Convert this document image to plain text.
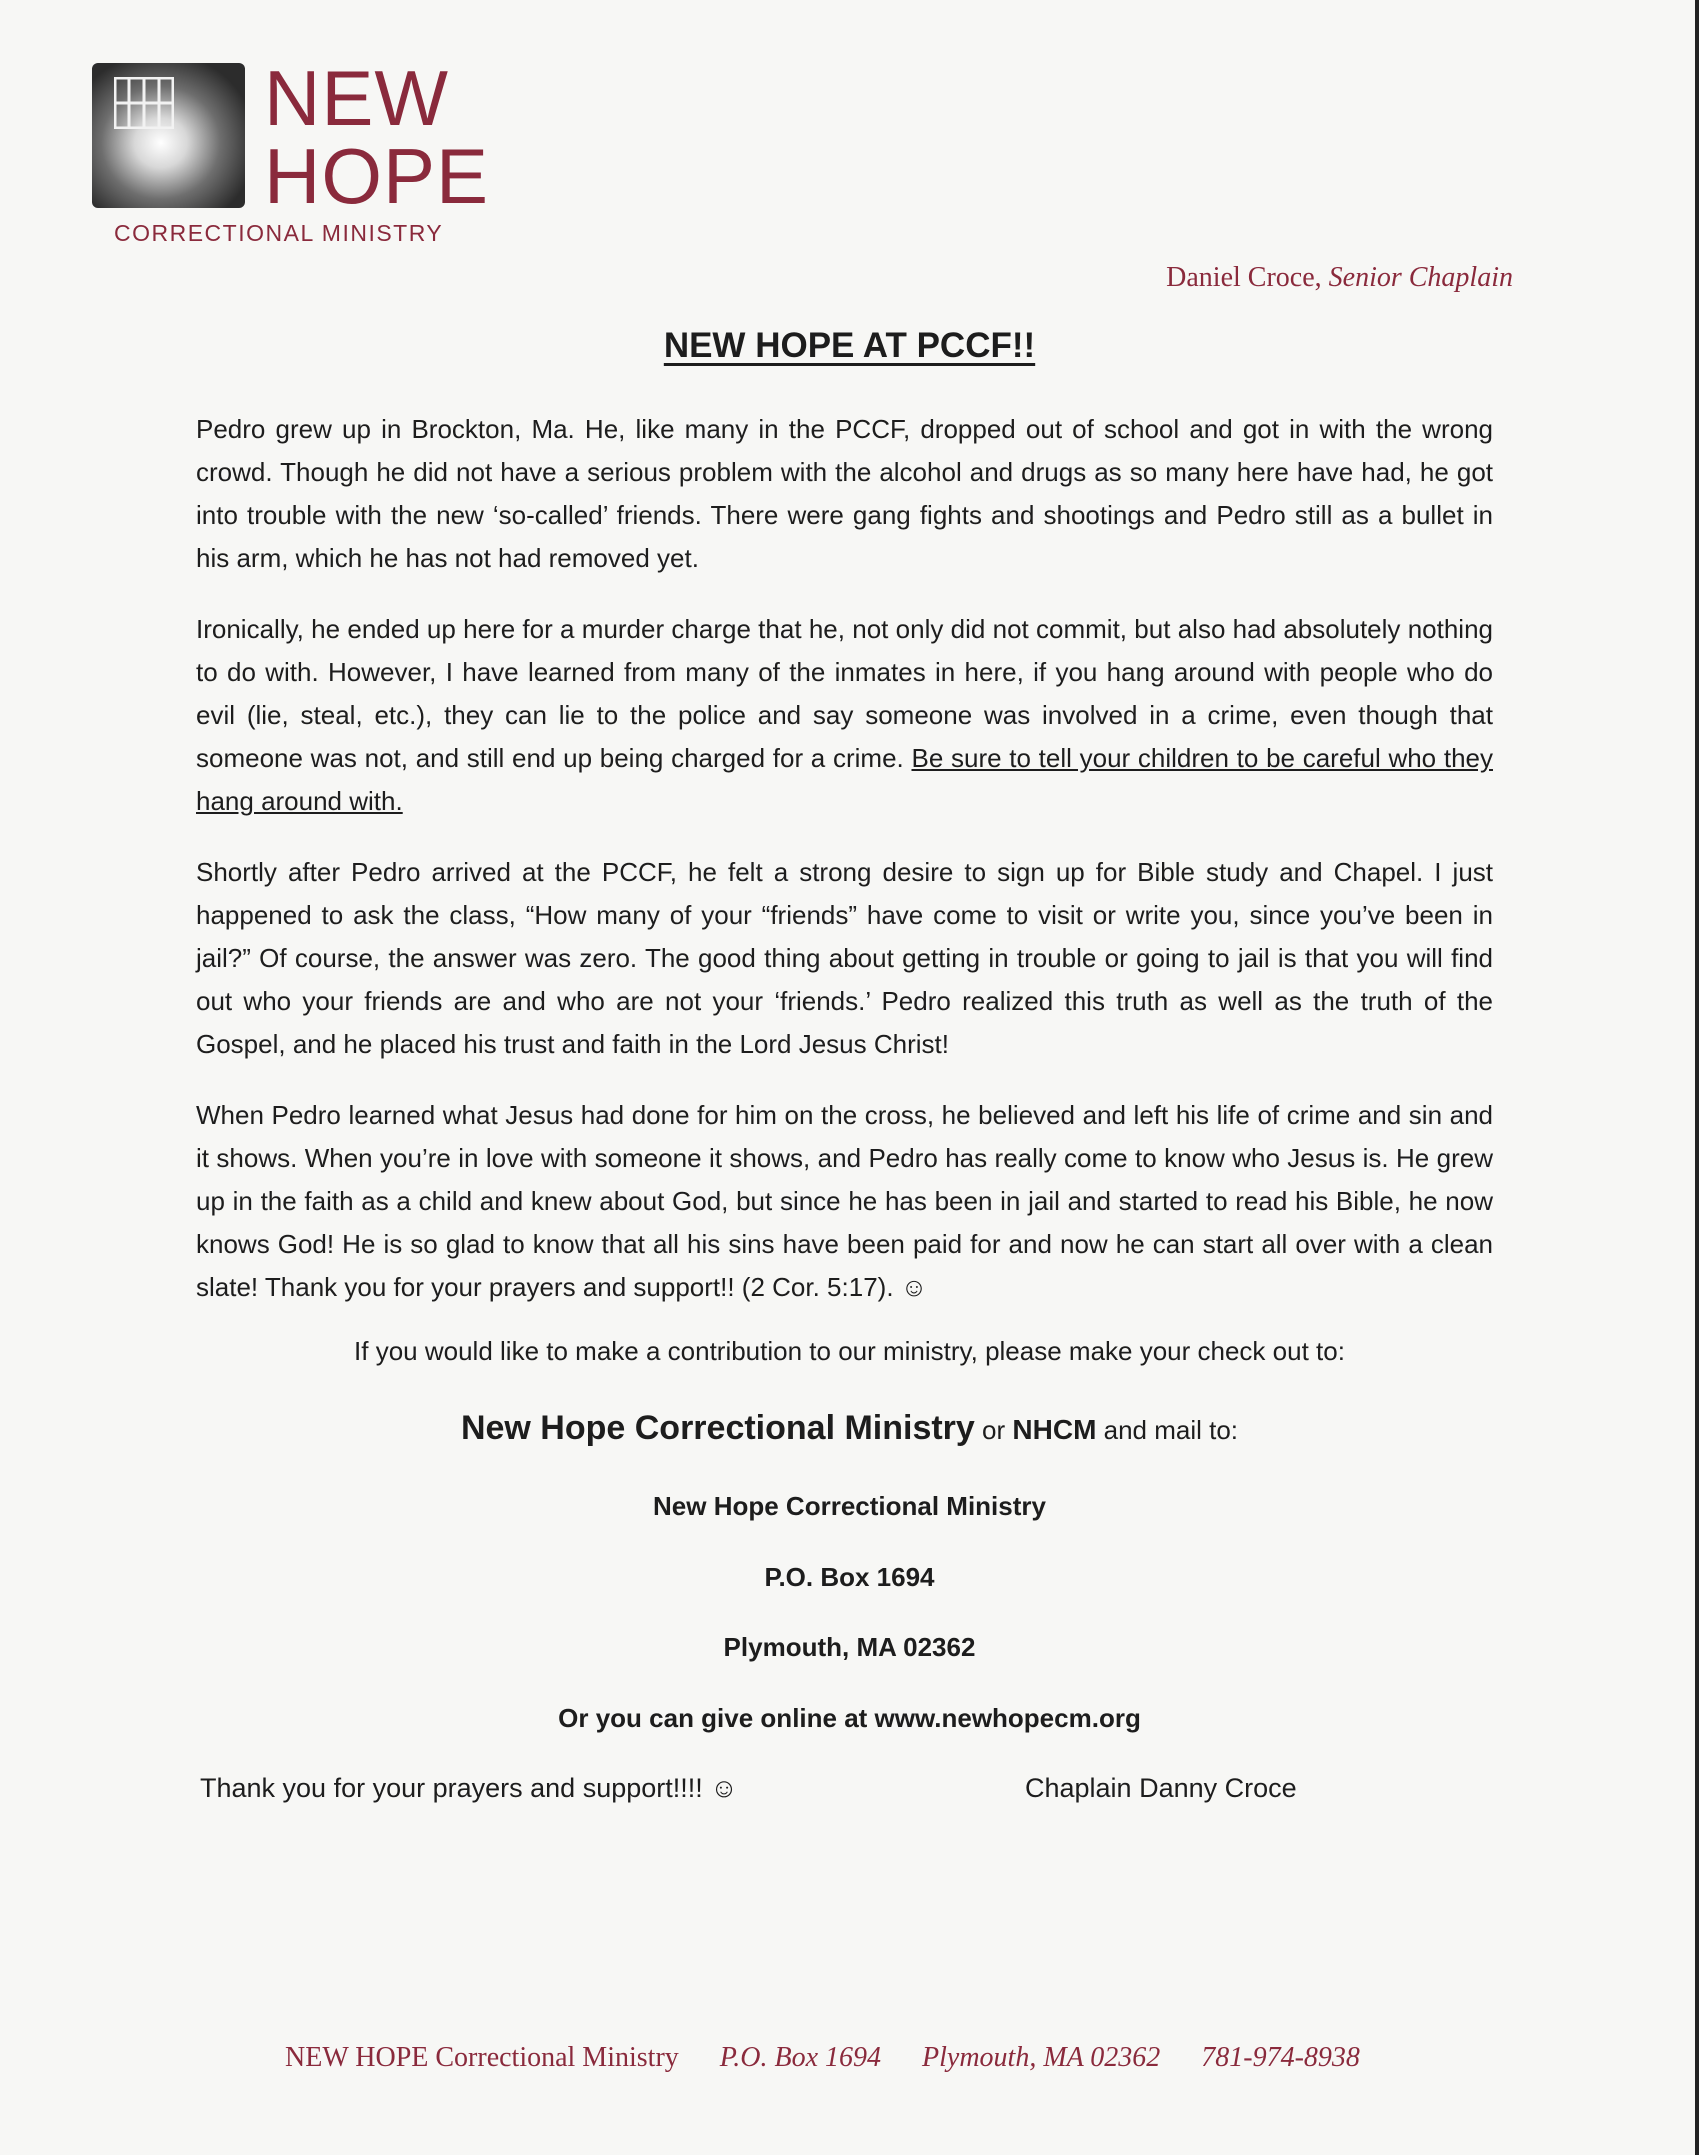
NEW
HOPE
CORRECTIONAL MINISTRY
Daniel Croce, Senior Chaplain
NEW HOPE AT PCCF!!

Pedro grew up in Brockton, Ma. He, like many in the PCCF, dropped out of school and got in with the wrong crowd. Though he did not have a serious problem with the alcohol and drugs as so many here have had, he got into trouble with the new ‘so-called’ friends. There were gang fights and shootings and Pedro still as a bullet in his arm, which he has not had removed yet.

Ironically, he ended up here for a murder charge that he, not only did not commit, but also had absolutely nothing to do with. However, I have learned from many of the inmates in here, if you hang around with people who do evil (lie, steal, etc.), they can lie to the police and say someone was involved in a crime, even though that someone was not, and still end up being charged for a crime. Be sure to tell your children to be careful who they hang around with.

Shortly after Pedro arrived at the PCCF, he felt a strong desire to sign up for Bible study and Chapel. I just happened to ask the class, “How many of your “friends” have come to visit or write you, since you’ve been in jail?” Of course, the answer was zero. The good thing about getting in trouble or going to jail is that you will find out who your friends are and who are not your ‘friends.’ Pedro realized this truth as well as the truth of the Gospel, and he placed his trust and faith in the Lord Jesus Christ!

When Pedro learned what Jesus had done for him on the cross, he believed and left his life of crime and sin and it shows. When you’re in love with someone it shows, and Pedro has really come to know who Jesus is. He grew up in the faith as a child and knew about God, but since he has been in jail and started to read his Bible, he now knows God! He is so glad to know that all his sins have been paid for and now he can start all over with a clean slate! Thank you for your prayers and support!! (2 Cor. 5:17). ☺

If you would like to make a contribution to our ministry, please make your check out to:
New Hope Correctional Ministry or NHCM and mail to:
New Hope Correctional Ministry
P.O. Box 1694
Plymouth, MA 02362
Or you can give online at www.newhopecm.org
Thank you for your prayers and support!!!! ☺	Chaplain Danny Croce
NEW HOPE Correctional Ministry P.O. Box 1694 Plymouth, MA 02362 781-974-8938
